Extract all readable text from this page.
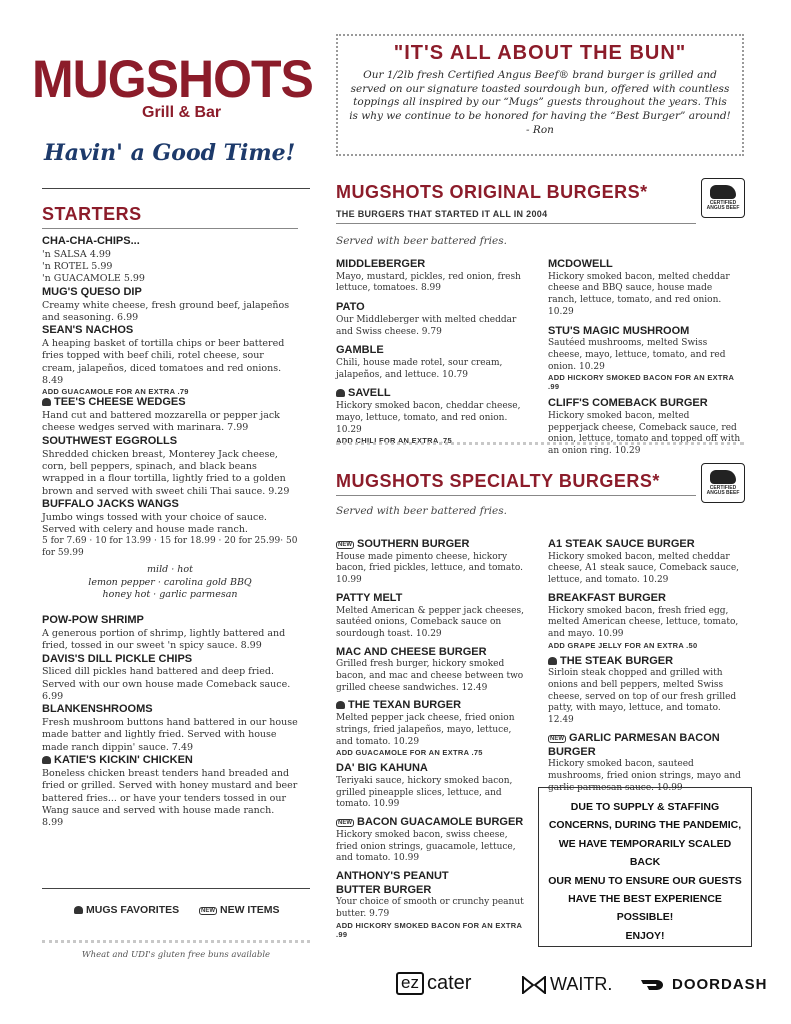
MUGSHOTS
Grill & Bar
Havin' a Good Time!
"IT'S ALL ABOUT THE BUN"
Our 1/2lb fresh Certified Angus Beef® brand burger is grilled and served on our signature toasted sourdough bun, offered with countless toppings all inspired by our “Mugs” guests throughout the years. This is why we continue to be honored for having the “Best Burger” around!
- Ron
STARTERS
CHA-CHA-CHIPS...
'n SALSA 4.99
'n ROTEL 5.99
'n GUACAMOLE 5.99
MUG'S QUESO DIP
Creamy white cheese, fresh ground beef, jalapeños and seasoning. 6.99
SEAN'S NACHOS
A heaping basket of tortilla chips or beer battered fries topped with beef chili, rotel cheese, sour cream, jalapeños, diced tomatoes and red onions. 8.49
ADD GUACAMOLE FOR AN EXTRA .79
TEE'S CHEESE WEDGES
Hand cut and battered mozzarella or pepper jack cheese wedges served with marinara. 7.99
SOUTHWEST EGGROLLS
Shredded chicken breast, Monterey Jack cheese, corn, bell peppers, spinach, and black beans wrapped in a flour tortilla, lightly fried to a golden brown and served with sweet chili Thai sauce. 9.29
BUFFALO JACKS WANGS
Jumbo wings tossed with your choice of sauce. Served with celery and house made ranch.
5 for 7.69 · 10 for 13.99 · 15 for 18.99 · 20 for 25.99· 50 for 59.99
mild · hot
lemon pepper · carolina gold BBQ
honey hot · garlic parmesan
POW-POW SHRIMP
A generous portion of shrimp, lightly battered and fried, tossed in our sweet 'n spicy sauce. 8.99
DAVIS'S DILL PICKLE CHIPS
Sliced dill pickles hand battered and deep fried. Served with our own house made Comeback sauce. 6.99
BLANKENSHROOMS
Fresh mushroom buttons hand battered in our house made batter and lightly fried. Served with house made ranch dippin' sauce. 7.49
KATIE'S KICKIN' CHICKEN
Boneless chicken breast tenders hand breaded and fried or grilled. Served with honey mustard and beer battered fries... or have your tenders tossed in our Wang sauce and served with house made ranch. 8.99
MUGS FAVORITES	NEW NEW ITEMS
Wheat and UDI's gluten free buns available
MUGSHOTS ORIGINAL BURGERS*
THE BURGERS THAT STARTED IT ALL IN 2004
CERTIFIED
ANGUS BEEF
Served with beer battered fries.
MIDDLEBERGER
Mayo, mustard, pickles, red onion, fresh lettuce, tomatoes. 8.99
PATO
Our Middleberger with melted cheddar and Swiss cheese. 9.79
GAMBLE
Chili, house made rotel, sour cream, jalapeños, and lettuce. 10.79
SAVELL
Hickory smoked bacon, cheddar cheese, mayo, lettuce, tomato, and red onion. 10.29
ADD CHILI FOR AN EXTRA .75
MCDOWELL
Hickory smoked bacon, melted cheddar cheese and BBQ sauce, house made ranch, lettuce, tomato, and red onion. 10.29
STU'S MAGIC MUSHROOM
Sautéed mushrooms, melted Swiss cheese, mayo, lettuce, tomato, and red onion. 10.29
ADD HICKORY SMOKED BACON FOR AN EXTRA .99
CLIFF'S COMEBACK BURGER
Hickory smoked bacon, melted pepperjack cheese, Comeback sauce, red onion, lettuce, tomato and topped off with an onion ring. 10.29
MUGSHOTS SPECIALTY BURGERS*	CERTIFIED
ANGUS BEEF
Served with beer battered fries.
NEW SOUTHERN BURGER
House made pimento cheese, hickory bacon, fried pickles, lettuce, and tomato. 10.99
PATTY MELT
Melted American & pepper jack cheeses, sautéed onions, Comeback sauce on sourdough toast. 10.29
MAC AND CHEESE BURGER
Grilled fresh burger, hickory smoked bacon, and mac and cheese between two grilled cheese sandwiches. 12.49
THE TEXAN BURGER
Melted pepper jack cheese, fried onion strings, fried jalapeños, mayo, lettuce, and tomato. 10.29
ADD GUACAMOLE FOR AN EXTRA .75
DA' BIG KAHUNA
Teriyaki sauce, hickory smoked bacon, grilled pineapple slices, lettuce, and tomato. 10.99
NEW BACON GUACAMOLE BURGER
Hickory smoked bacon, swiss cheese, fried onion strings, guacamole, lettuce, and tomato. 10.99
ANTHONY'S PEANUT
BUTTER BURGER
Your choice of smooth or crunchy peanut butter. 9.79
ADD HICKORY SMOKED BACON FOR AN EXTRA .99
A1 STEAK SAUCE BURGER
Hickory smoked bacon, melted cheddar cheese, A1 steak sauce, Comeback sauce, lettuce, and tomato. 10.29
BREAKFAST BURGER
Hickory smoked bacon, fresh fried egg, melted American cheese, lettuce, tomato, and mayo. 10.99
ADD GRAPE JELLY FOR AN EXTRA .50
THE STEAK BURGER
Sirloin steak chopped and grilled with onions and bell peppers, melted Swiss cheese, served on top of our fresh grilled patty, with mayo, lettuce, and tomato. 12.49
NEW GARLIC PARMESAN BACON BURGER
Hickory smoked bacon, sauteed mushrooms, fried onion strings, mayo and garlic parmesan sauce. 10.99
DUE TO SUPPLY & STAFFING
CONCERNS, DURING THE PANDEMIC,
WE HAVE TEMPORARILY SCALED BACK
OUR MENU TO ENSURE OUR GUESTS
HAVE THE BEST EXPERIENCE POSSIBLE!
ENJOY!
ez cater	WAITR.	DOORDASH
